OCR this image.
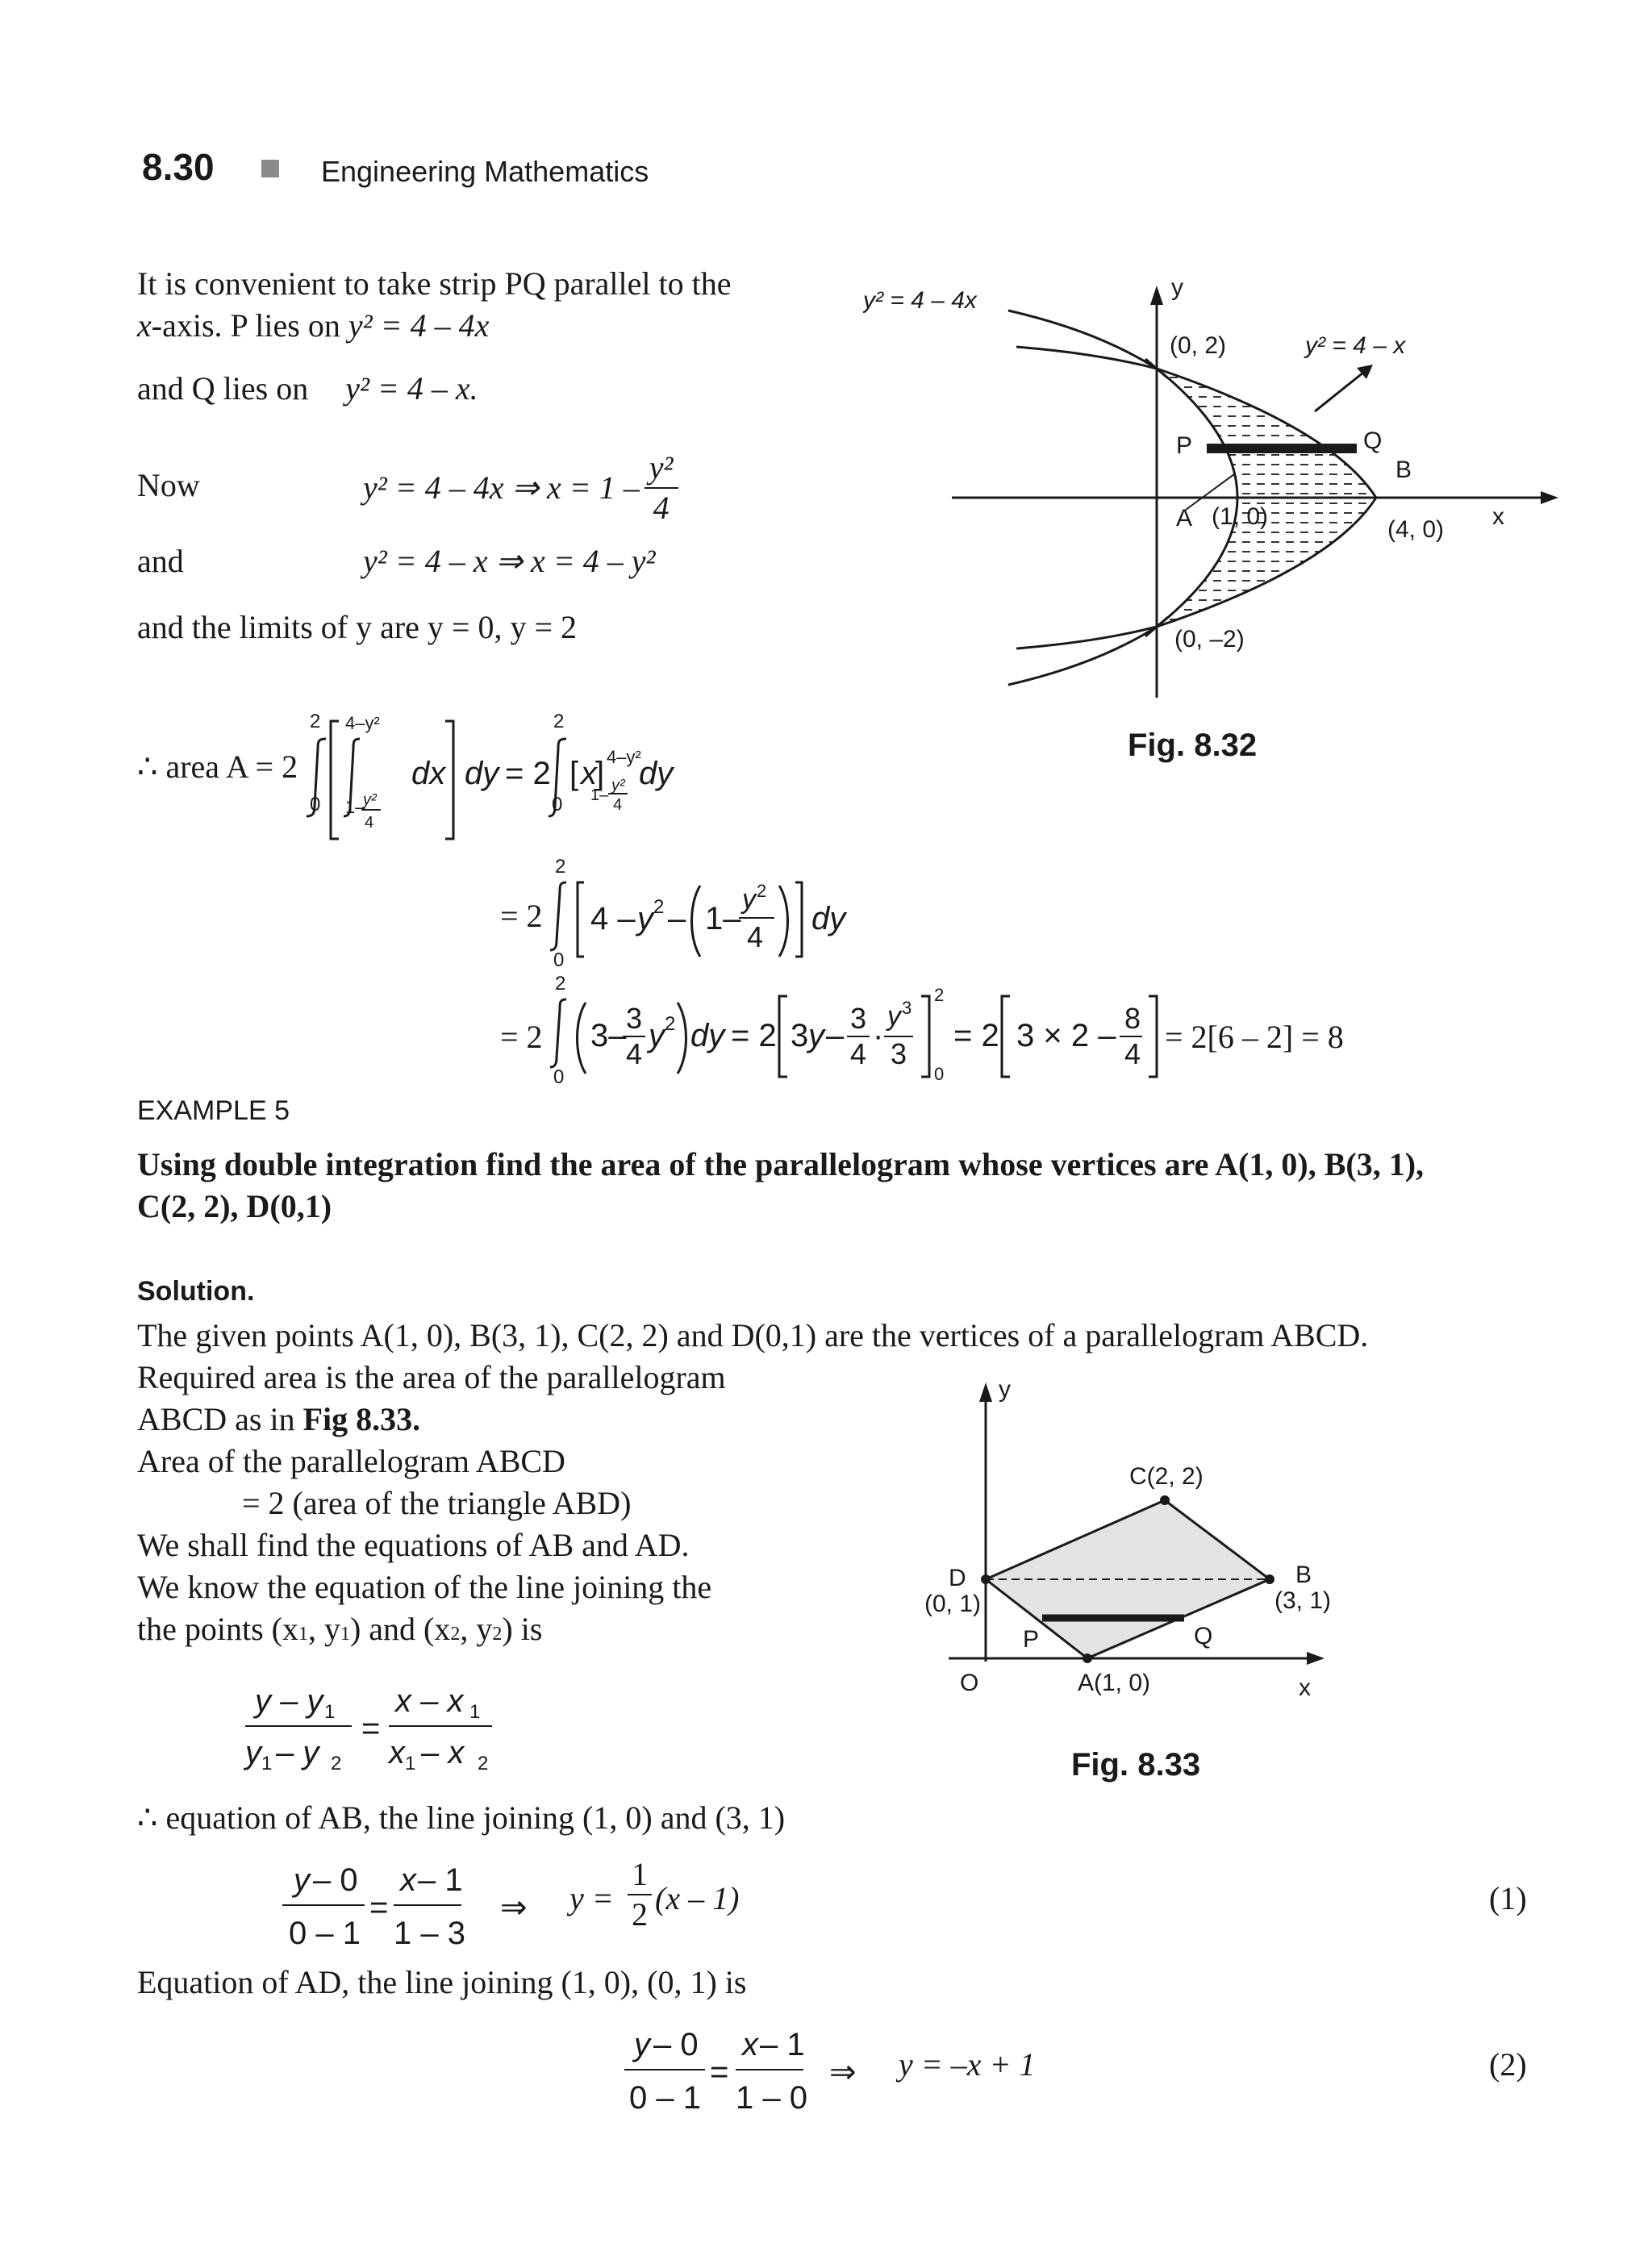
8.30	Engineering Mathematics
It is convenient to take strip PQ parallel to the
x-axis. P lies on y² = 4 – 4x
and Q lies on y² = 4 – x.
Now	y² = 4 – 4x ⇒ $x = 1 - \frac{\text{y²}}{4}$
and	y² = 4 – x ⇒ x = 4 – y²
and the limits of y are y = 0, y = 2
∴ area A = 2
2
0
4–y²
1–
y²
4
dx dy = 2
2
0
[ x
] 4–y²
y²
1–
4
dy
= 2
2
0
4 – y 2 – 1–
y 2
4
dy
= 2
2
0
3– 3
4
y 2 dy = 2 3 y – 3
4
·
y 3
3
2
0
= 2 3 × 2 – 8
4 = 2[6 – 2] = 8
y² = 4 – 4x	y
(0, 2)	y² = 4 – x
P	Q
B
A (1, 0)	(4, 0) x
(0, –2)
Fig. 8.32
EXAMPLE 5
Using double integration find the area of the parallelogram whose vertices are A(1, 0), B(3, 1),
C(2, 2), D(0,1)
Solution.
The given points A(1, 0), B(3, 1), C(2, 2) and D(0,1) are the vertices of a parallelogram ABCD.
Required area is the area of the parallelogram
ABCD as in Fig 8.33.
Area of the parallelogram ABCD
= 2 (area of the triangle ABD)
We shall find the equations of AB and AD.
We know the equation of the line joining the
the points ($x_1$, $y_1$) and ($x_2$, $y_2$) is
y – y 1
y 1 – y 2
=
x – x 1
x 1 – x 2
∴ equation of AB, the line joining (1, 0) and (3, 1)
y – 0
0 – 1
=
x – 1
1 – 3
⇒ y =
1
2 (x – 1)	(1)
Equation of AD, the line joining (1, 0), (0, 1) is
y – 0
0 – 1
=
x – 1
1 – 0
⇒ y = –x + 1	(2)
y
C(2, 2)
D
(0, 1)
B
(3, 1)
P	Q
O	A(1, 0)	x
Fig. 8.33
